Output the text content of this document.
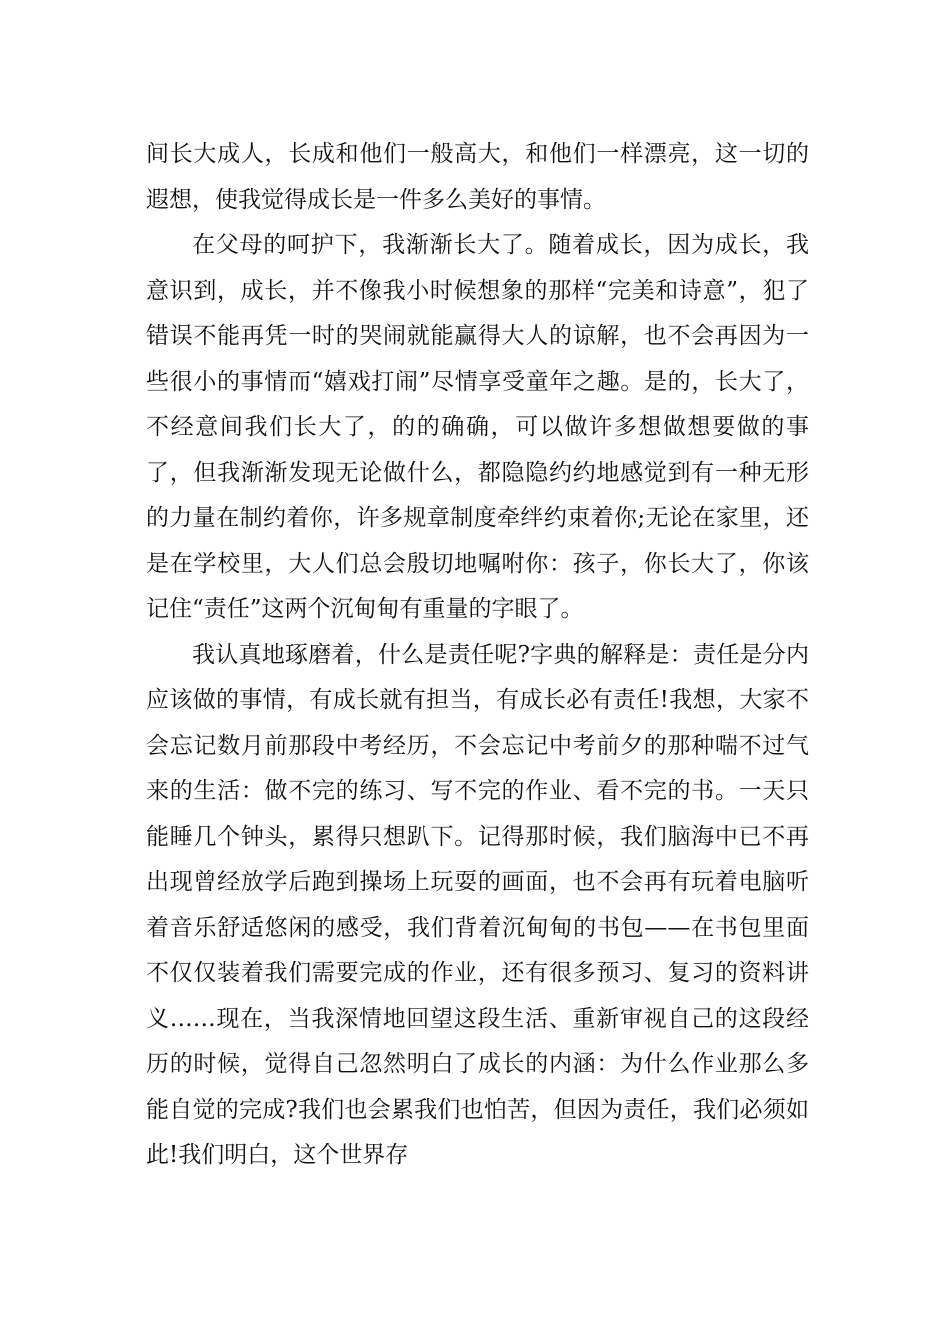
间长大成人，长成和他们一般高大，和他们一样漂亮，这一切的遐想，使我觉得成长是一件多么美好的事情。

在父母的呵护下，我渐渐长大了。随着成长，因为成长，我意识到，成长，并不像我小时候想象的那样“完美和诗意”，犯了错误不能再凭一时的哭闹就能赢得大人的谅解，也不会再因为一些很小的事情而“嬉戏打闹”尽情享受童年之趣。是的，长大了，不经意间我们长大了，的的确确，可以做许多想做想要做的事了，但我渐渐发现无论做什么，都隐隐约约地感觉到有一种无形的力量在制约着你，许多规章制度牵绊约束着你;无论在家里，还是在学校里，大人们总会殷切地嘱咐你：孩子，你长大了，你该记住“责任”这两个沉甸甸有重量的字眼了。

我认真地琢磨着，什么是责任呢?字典的解释是：责任是分内应该做的事情，有成长就有担当，有成长必有责任!我想，大家不会忘记数月前那段中考经历，不会忘记中考前夕的那种喘不过气来的生活：做不完的练习、写不完的作业、看不完的书。一天只能睡几个钟头，累得只想趴下。记得那时候，我们脑海中已不再出现曾经放学后跑到操场上玩耍的画面，也不会再有玩着电脑听着音乐舒适悠闲的感受，我们背着沉甸甸的书包——在书包里面不仅仅装着我们需要完成的作业，还有很多预习、复习的资料讲义……现在，当我深情地回望这段生活、重新审视自己的这段经历的时候，觉得自己忽然明白了成长的内涵：为什么作业那么多能自觉的完成?我们也会累我们也怕苦，但因为责任，我们必须如此!我们明白，这个世界存
